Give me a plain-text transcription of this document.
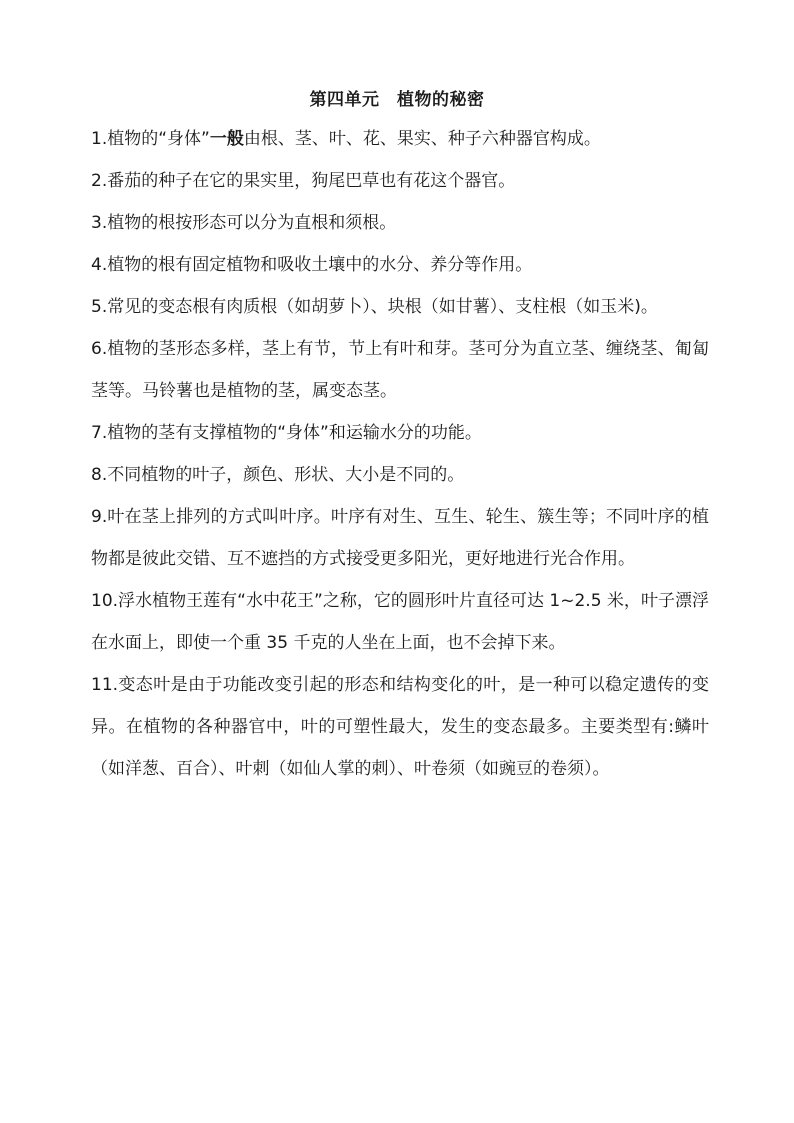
第四单元　植物的秘密

1.植物的“身体”一般由根、茎、叶、花、果实、种子六种器官构成。

2.番茄的种子在它的果实里，狗尾巴草也有花这个器官。

3.植物的根按形态可以分为直根和须根。

4.植物的根有固定植物和吸收土壤中的水分、养分等作用。

5.常见的变态根有肉质根（如胡萝卜）、块根（如甘薯）、支柱根（如玉米)。

6.植物的茎形态多样，茎上有节，节上有叶和芽。茎可分为直立茎、缠绕茎、匍匐茎等。马铃薯也是植物的茎，属变态茎。

7.植物的茎有支撑植物的“身体”和运输水分的功能。

8.不同植物的叶子，颜色、形状、大小是不同的。

9.叶在茎上排列的方式叫叶序。叶序有对生、互生、轮生、簇生等；不同叶序的植物都是彼此交错、互不遮挡的方式接受更多阳光，更好地进行光合作用。

10.浮水植物王莲有“水中花王”之称，它的圆形叶片直径可达 1~2.5 米，叶子漂浮在水面上，即使一个重 35 千克的人坐在上面，也不会掉下来。

11.变态叶是由于功能改变引起的形态和结构变化的叶，是一种可以稳定遗传的变异。在植物的各种器官中，叶的可塑性最大，发生的变态最多。主要类型有:鳞叶（如洋葱、百合）、叶刺（如仙人掌的刺）、叶卷须（如豌豆的卷须）。
